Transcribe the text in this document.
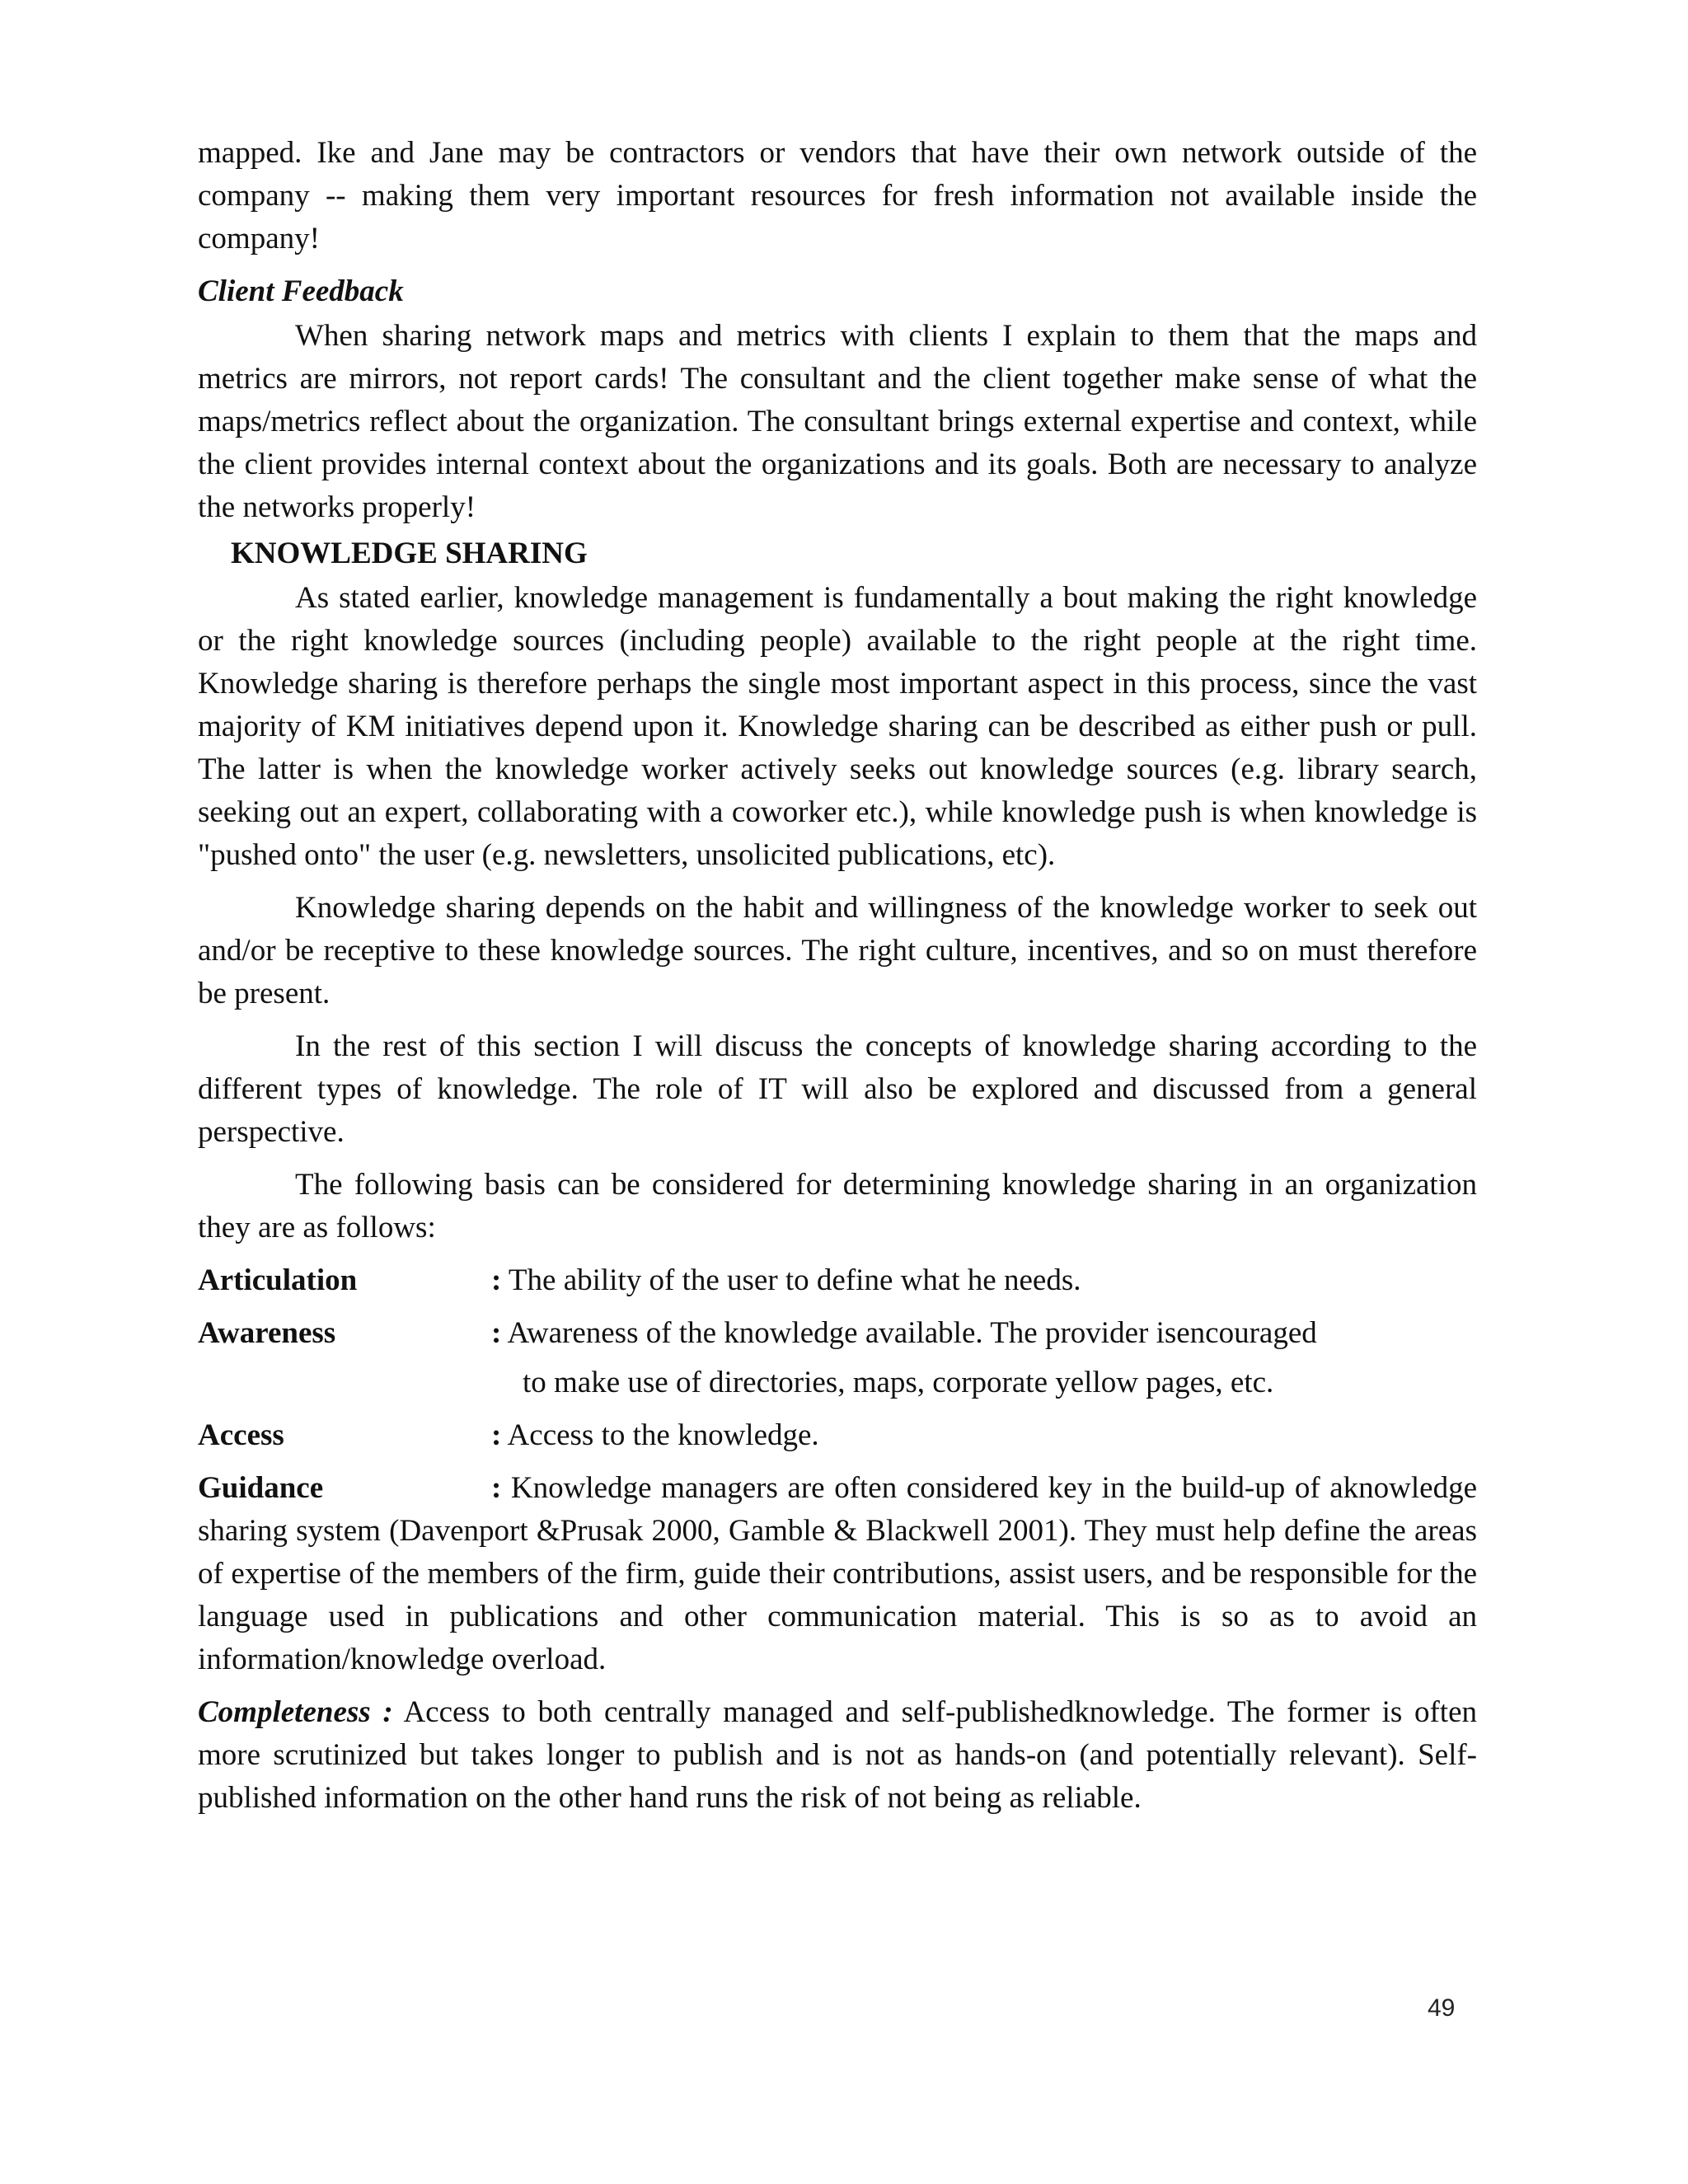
mapped. Ike and Jane may be contractors or vendors that have their own network outside of the company -- making them very important resources for fresh information not available inside the company!

Client Feedback

When sharing network maps and metrics with clients I explain to them that the maps and metrics are mirrors, not report cards! The consultant and the client together make sense of what the maps/metrics reflect about the organization. The consultant brings external expertise and context, while the client provides internal context about the organizations and its goals. Both are necessary to analyze the networks properly!

KNOWLEDGE SHARING

As stated earlier, knowledge management is fundamentally a bout making the right knowledge or the right knowledge sources (including people) available to the right people at the right time. Knowledge sharing is therefore perhaps the single most important aspect in this process, since the vast majority of KM initiatives depend upon it. Knowledge sharing can be described as either push or pull. The latter is when the knowledge worker actively seeks out knowledge sources (e.g. library search, seeking out an expert, collaborating with a coworker etc.), while knowledge push is when knowledge is "pushed onto" the user (e.g. newsletters, unsolicited publications, etc).

Knowledge sharing depends on the habit and willingness of the knowledge worker to seek out and/or be receptive to these knowledge sources. The right culture, incentives, and so on must therefore be present.

In the rest of this section I will discuss the concepts of knowledge sharing according to the different types of knowledge. The role of IT will also be explored and discussed from a general perspective.

The following basis can be considered for determining knowledge sharing in an organization they are as follows:

Articulation	: The ability of the user to define what he needs.
Awareness	: Awareness of the knowledge available. The provider isencouraged
to make use of directories, maps, corporate yellow pages, etc.
Access	: Access to the knowledge.

Guidance	: Knowledge managers are often considered key in the build-up of aknowledge sharing system (Davenport &Prusak 2000, Gamble & Blackwell 2001). They must help define the areas of expertise of the members of the firm, guide their contributions, assist users, and be responsible for the language used in publications and other communication material. This is so as to avoid an information/knowledge overload.

Completeness : Access to both centrally managed and self-publishedknowledge. The former is often more scrutinized but takes longer to publish and is not as hands-on (and potentially relevant). Self-published information on the other hand runs the risk of not being as reliable.

49
